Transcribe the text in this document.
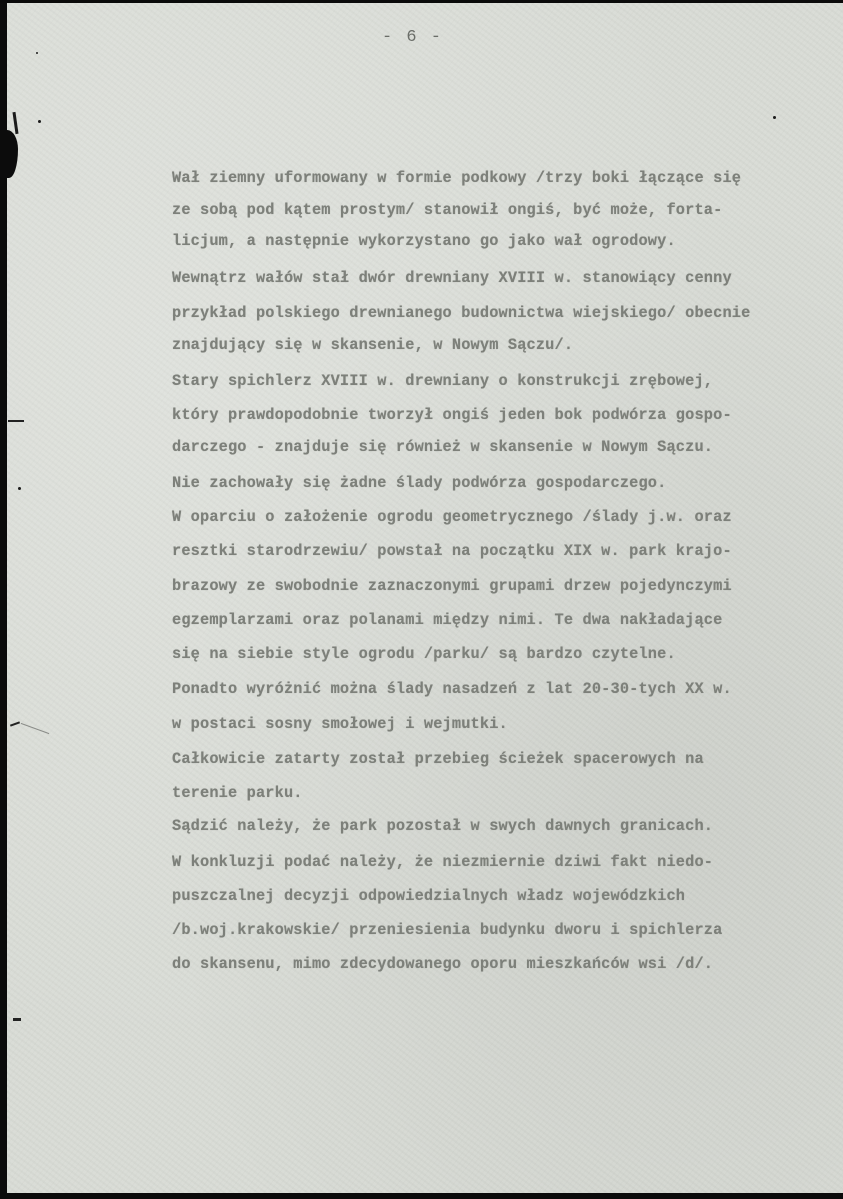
- 6 -
Wał ziemny uformowany w formie podkowy /trzy boki łączące się
ze sobą pod kątem prostym/ stanowił ongiś, być może, forta-
licjum, a następnie wykorzystano go jako wał ogrodowy.
Wewnątrz wałów stał dwór drewniany XVIII w. stanowiący cenny
przykład polskiego drewnianego budownictwa wiejskiego/ obecnie
znajdujący się w skansenie, w Nowym Sączu/.
Stary spichlerz XVIII w. drewniany o konstrukcji zrębowej,
który prawdopodobnie tworzył ongiś jeden bok podwórza gospo-
darczego - znajduje się również w skansenie w Nowym Sączu.
Nie zachowały się żadne ślady podwórza gospodarczego.
W oparciu o założenie ogrodu geometrycznego /ślady j.w. oraz
resztki starodrzewiu/ powstał na początku XIX w. park krajo-
brazowy ze swobodnie zaznaczonymi grupami drzew pojedynczymi
egzemplarzami oraz polanami między nimi. Te dwa nakładające
się na siebie style ogrodu /parku/ są bardzo czytelne.
Ponadto wyróżnić można ślady nasadzeń z lat 20-30-tych XX w.
w postaci sosny smołowej i wejmutki.
Całkowicie zatarty został przebieg ścieżek spacerowych na
terenie parku.
Sądzić należy, że park pozostał w swych dawnych granicach.
W konkluzji podać należy, że niezmiernie dziwi fakt niedo-
puszczalnej decyzji odpowiedzialnych władz wojewódzkich
/b.woj.krakowskie/ przeniesienia budynku dworu i spichlerza
do skansenu, mimo zdecydowanego oporu mieszkańców wsi /d/.
